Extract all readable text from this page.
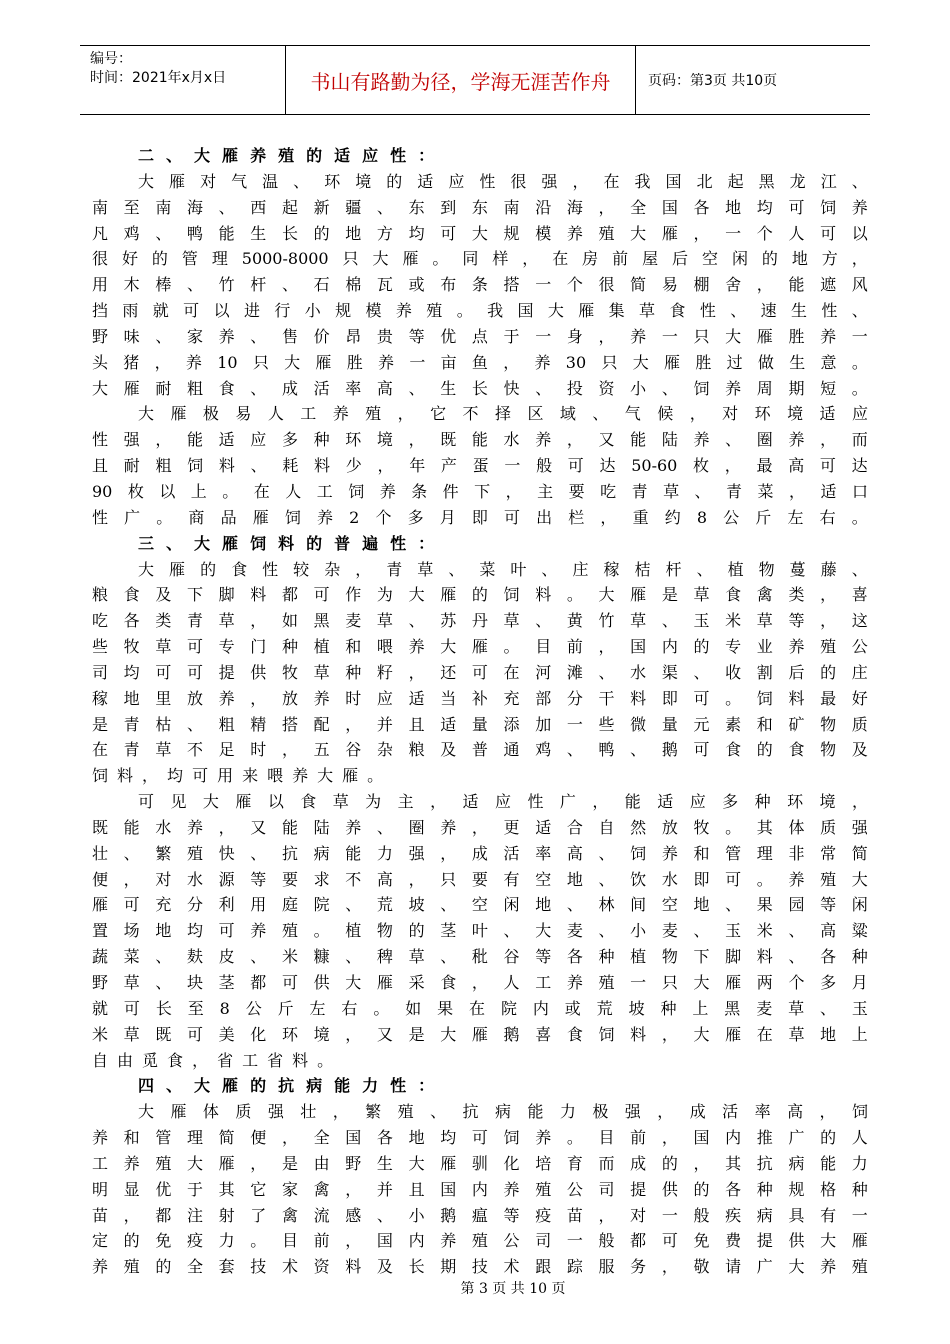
编号：
时间：2021年x月x日	书山有路勤为径，学海无涯苦作舟	页码：第3页 共10页
二 、 大 雁 养 殖 的 适 应 性 ：
大 雁 对 气 温 、 环 境 的 适 应 性 很 强 ， 在 我 国 北 起 黑 龙 江 、
南 至 南 海 、 西 起 新 疆 、 东 到 东 南 沿 海 ， 全 国 各 地 均 可 饲 养
凡 鸡 、 鸭 能 生 长 的 地 方 均 可 大 规 模 养 殖 大 雁 ， 一 个 人 可 以
很 好 的 管 理 5000-8000 只 大 雁 。 同 样 ， 在 房 前 屋 后 空 闲 的 地 方 ，
用 木 棒 、 竹 杆 、 石 棉 瓦 或 布 条 搭 一 个 很 简 易 棚 舍 ， 能 遮 风
挡 雨 就 可 以 进 行 小 规 模 养 殖 。 我 国 大 雁 集 草 食 性 、 速 生 性 、
野 味 、 家 养 、 售 价 昂 贵 等 优 点 于 一 身 ， 养 一 只 大 雁 胜 养 一
头 猪 ， 养 10 只 大 雁 胜 养 一 亩 鱼 ， 养 30 只 大 雁 胜 过 做 生 意 。
大 雁 耐 粗 食 、 成 活 率 高 、 生 长 快 、 投 资 小 、 饲 养 周 期 短 。
大 雁 极 易 人 工 养 殖 ， 它 不 择 区 域 、 气 候 ， 对 环 境 适 应
性 强 ， 能 适 应 多 种 环 境 ， 既 能 水 养 ， 又 能 陆 养 、 圈 养 ， 而
且 耐 粗 饲 料 、 耗 料 少 ， 年 产 蛋 一 般 可 达 50-60 枚 ， 最 高 可 达
90 枚 以 上 。 在 人 工 饲 养 条 件 下 ， 主 要 吃 青 草 、 青 菜 ， 适 口
性 广 。 商 品 雁 饲 养 2 个 多 月 即 可 出 栏 ， 重 约 8 公 斤 左 右 。
三 、 大 雁 饲 料 的 普 遍 性 ：
大 雁 的 食 性 较 杂 ， 青 草 、 菜 叶 、 庄 稼 桔 杆 、 植 物 蔓 藤 、
粮 食 及 下 脚 料 都 可 作 为 大 雁 的 饲 料 。 大 雁 是 草 食 禽 类 ， 喜
吃 各 类 青 草 ， 如 黑 麦 草 、 苏 丹 草 、 黄 竹 草 、 玉 米 草 等 ， 这
些 牧 草 可 专 门 种 植 和 喂 养 大 雁 。 目 前 ， 国 内 的 专 业 养 殖 公
司 均 可 可 提 供 牧 草 种 籽 ， 还 可 在 河 滩 、 水 渠 、 收 割 后 的 庄
稼 地 里 放 养 ， 放 养 时 应 适 当 补 充 部 分 干 料 即 可 。 饲 料 最 好
是 青 枯 、 粗 精 搭 配 ， 并 且 适 量 添 加 一 些 微 量 元 素 和 矿 物 质
在 青 草 不 足 时 ， 五 谷 杂 粮 及 普 通 鸡 、 鸭 、 鹅 可 食 的 食 物 及
饲 料 ， 均 可 用 来 喂 养 大 雁 。
可 见 大 雁 以 食 草 为 主 ， 适 应 性 广 ， 能 适 应 多 种 环 境 ，
既 能 水 养 ， 又 能 陆 养 、 圈 养 ， 更 适 合 自 然 放 牧 。 其 体 质 强
壮 、 繁 殖 快 、 抗 病 能 力 强 ， 成 活 率 高 、 饲 养 和 管 理 非 常 简
便 ， 对 水 源 等 要 求 不 高 ， 只 要 有 空 地 、 饮 水 即 可 。 养 殖 大
雁 可 充 分 利 用 庭 院 、 荒 坡 、 空 闲 地 、 林 间 空 地 、 果 园 等 闲
置 场 地 均 可 养 殖 。 植 物 的 茎 叶 、 大 麦 、 小 麦 、 玉 米 、 高 粱
蔬 菜 、 麸 皮 、 米 糠 、 稗 草 、 秕 谷 等 各 种 植 物 下 脚 料 、 各 种
野 草 、 块 茎 都 可 供 大 雁 采 食 ， 人 工 养 殖 一 只 大 雁 两 个 多 月
就 可 长 至 8 公 斤 左 右 。 如 果 在 院 内 或 荒 坡 种 上 黑 麦 草 、 玉
米 草 既 可 美 化 环 境 ， 又 是 大 雁 鹅 喜 食 饲 料 ， 大 雁 在 草 地 上
自 由 觅 食 ， 省 工 省 料 。
四 、 大 雁 的 抗 病 能 力 性 ：
大 雁 体 质 强 壮 ， 繁 殖 、 抗 病 能 力 极 强 ， 成 活 率 高 ， 饲
养 和 管 理 简 便 ， 全 国 各 地 均 可 饲 养 。 目 前 ， 国 内 推 广 的 人
工 养 殖 大 雁 ， 是 由 野 生 大 雁 驯 化 培 育 而 成 的 ， 其 抗 病 能 力
明 显 优 于 其 它 家 禽 ， 并 且 国 内 养 殖 公 司 提 供 的 各 种 规 格 种
苗 ， 都 注 射 了 禽 流 感 、 小 鹅 瘟 等 疫 苗 ， 对 一 般 疾 病 具 有 一
定 的 免 疫 力 。 目 前 ， 国 内 养 殖 公 司 一 般 都 可 免 费 提 供 大 雁
养 殖 的 全 套 技 术 资 料 及 长 期 技 术 跟 踪 服 务 ， 敬 请 广 大 养 殖
第 3 页 共 10 页
